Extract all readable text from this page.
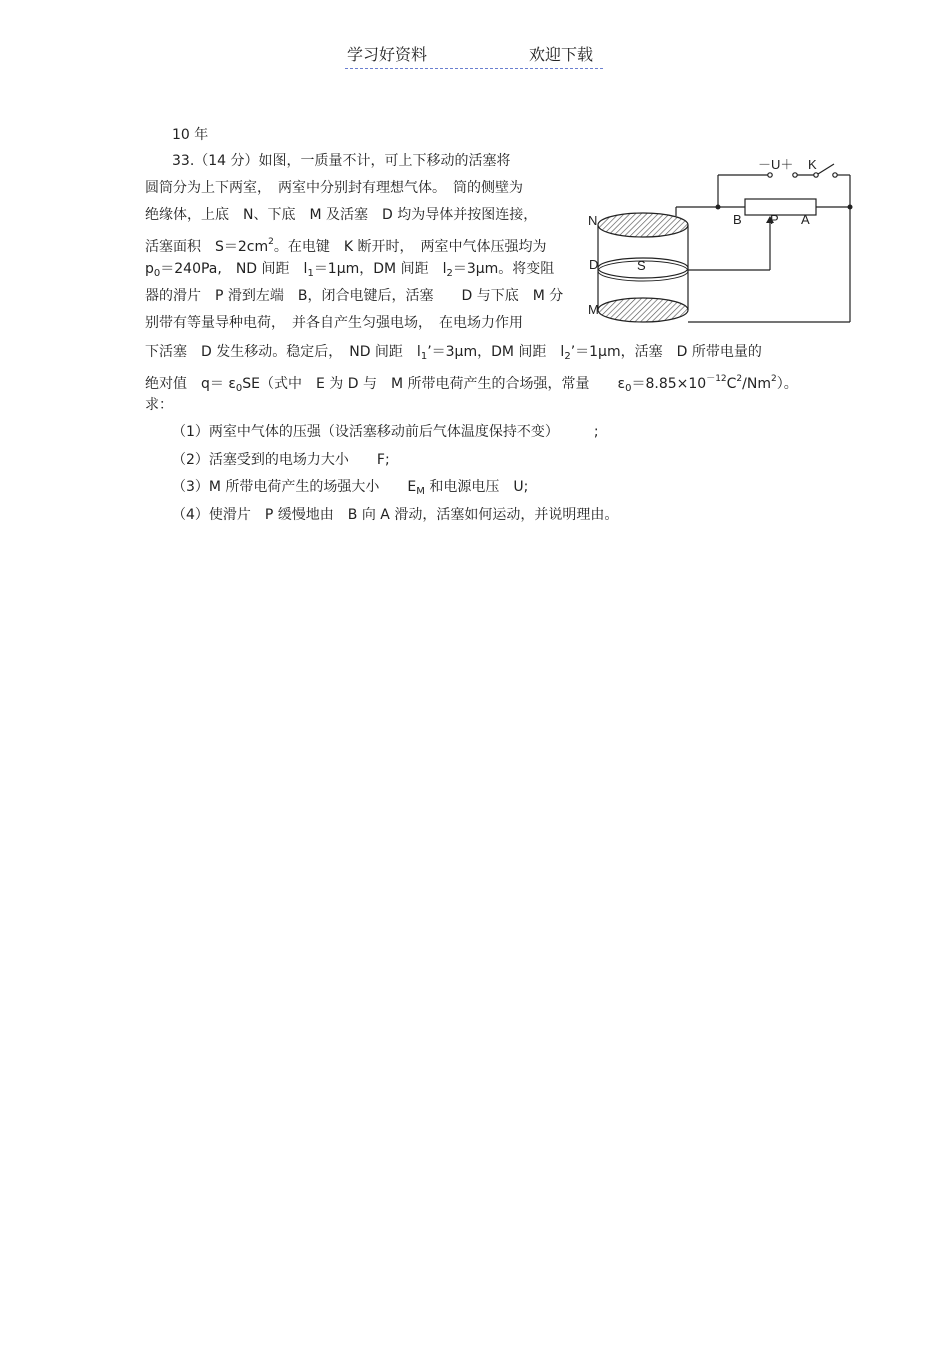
学习好资料	欢迎下载
10 年
33.（14 分）如图，一质量不计，可上下移动的活塞将
圆筒分为上下两室，　两室中分别封有理想气体。　筒的侧壁为
绝缘体，上底　N、下底　M 及活塞　D 均为导体并按图连接，
活塞面积　$S=2cm^2$。在电键　K 断开时，　两室中气体压强均为
$p_0=240Pa$,　ND 间距　$l_1=1\mu m$，DM 间距　$l_2=3\mu m$。将变阻
器的滑片　P 滑到左端　B，闭合电键后，活塞　　D 与下底　M 分
别带有等量导种电荷，　并各自产生匀强电场，　在电场力作用
下活塞　D 发生移动。稳定后，　ND 间距　$l_1’=3\mu m$，DM 间距　$l_2’=1\mu m$，活塞　D 所带电量的
绝对值　$q= \varepsilon_0SE$（式中　E 为 D 与　M 所带电荷产生的合场强，常量　　$\varepsilon_0=8.85\times 10^{-12}C^2/Nm^2$）。
求：
（1）两室中气体的压强（设活塞移动前后气体温度保持不变）　　　;
（2）活塞受到的电场力大小　　F;
（3）M 所带电荷产生的场强大小　　$E_M$ 和电源电压　U;
（4）使滑片　P 缓慢地由　B 向 A 滑动，活塞如何运动，并说明理由。
－U＋ K
B P A
N
D	S
M
